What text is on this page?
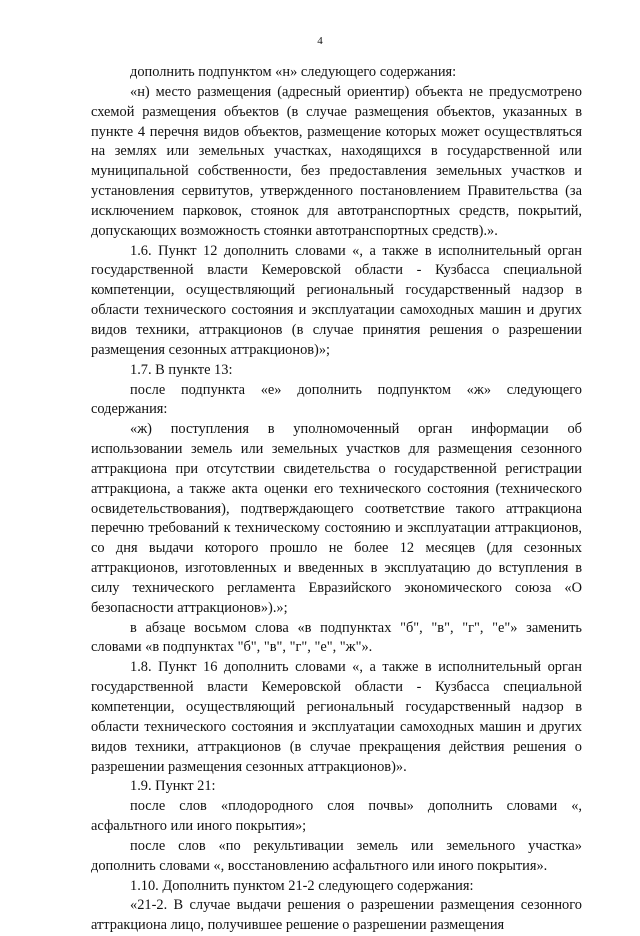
4

дополнить подпунктом «н» следующего содержания:

«н) место размещения (адресный ориентир) объекта не предусмотрено схемой размещения объектов (в случае размещения объектов, указанных в пункте 4 перечня видов объектов, размещение которых может осуществляться на землях или земельных участках, находящихся в государственной или муниципальной собственности, без предоставления земельных участков и установления сервитутов, утвержденного постановлением Правительства (за исключением парковок, стоянок для автотранспортных средств, покрытий, допускающих возможность стоянки автотранспортных средств).».

1.6. Пункт 12 дополнить словами «, а также в исполнительный орган государственной власти Кемеровской области - Кузбасса специальной компетенции, осуществляющий региональный государственный надзор в области технического состояния и эксплуатации самоходных машин и других видов техники, аттракционов (в случае принятия решения о разрешении размещения сезонных аттракционов)»;

1.7. В пункте 13:

после подпункта «е» дополнить подпунктом «ж» следующего содержания:

«ж) поступления в уполномоченный орган информации об использовании земель или земельных участков для размещения сезонного аттракциона при отсутствии свидетельства о государственной регистрации аттракциона, а также акта оценки его технического состояния (технического освидетельствования), подтверждающего соответствие такого аттракциона перечню требований к техническому состоянию и эксплуатации аттракционов, со дня выдачи которого прошло не более 12 месяцев (для сезонных аттракционов, изготовленных и введенных в эксплуатацию до вступления в силу технического регламента Евразийского экономического союза «О безопасности аттракционов»).»;

в абзаце восьмом слова «в подпунктах "б", "в", "г", "е"» заменить словами «в подпунктах "б", "в", "г", "е", "ж"».

1.8. Пункт 16 дополнить словами «, а также в исполнительный орган государственной власти Кемеровской области - Кузбасса специальной компетенции, осуществляющий региональный государственный надзор в области технического состояния и эксплуатации самоходных машин и других видов техники, аттракционов (в случае прекращения действия решения о разрешении размещения сезонных аттракционов)».

1.9. Пункт 21:

после слов «плодородного слоя почвы» дополнить словами «, асфальтного или иного покрытия»;

после слов «по рекультивации земель или земельного участка» дополнить словами «, восстановлению асфальтного или иного покрытия».

1.10. Дополнить пунктом 21-2 следующего содержания:

«21-2. В случае выдачи решения о разрешении размещения сезонного аттракциона лицо, получившее решение о разрешении размещения
